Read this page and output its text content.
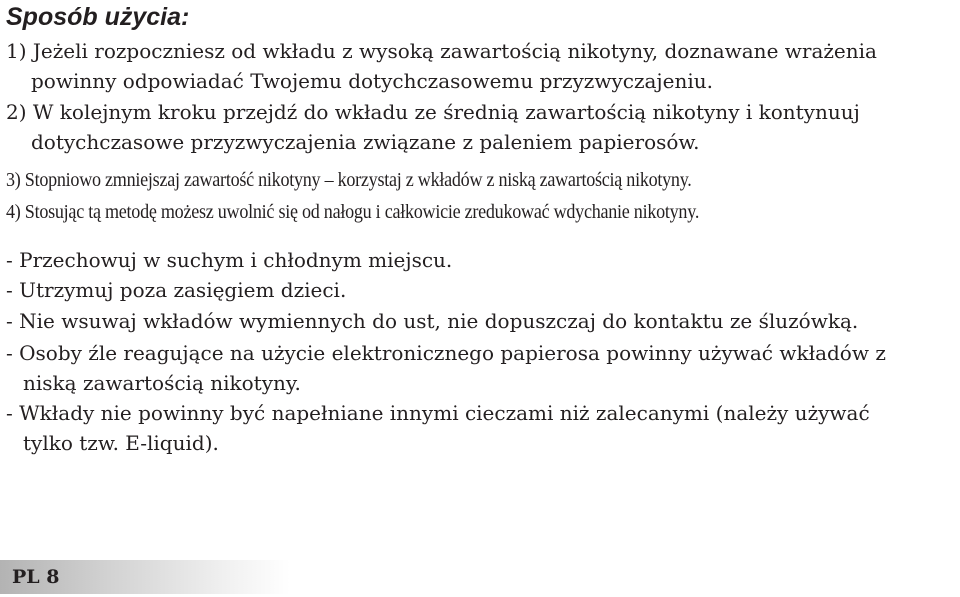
Sposób użycia:

1) Jeżeli rozpoczniesz od wkładu z wysoką zawartością nikotyny, doznawane wrażenia
powinny odpowiadać Twojemu dotychczasowemu przyzwyczajeniu.

2) W kolejnym kroku przejdź do wkładu ze średnią zawartością nikotyny i kontynuuj
dotychczasowe przyzwyczajenia związane z paleniem papierosów.

3) Stopniowo zmniejszaj zawartość nikotyny – korzystaj z wkładów z niską zawartością nikotyny.

4) Stosując tą metodę możesz uwolnić się od nałogu i całkowicie zredukować wdychanie nikotyny.

- Przechowuj w suchym i chłodnym miejscu.

- Utrzymuj poza zasięgiem dzieci.

- Nie wsuwaj wkładów wymiennych do ust, nie dopuszczaj do kontaktu ze śluzówką.

- Osoby źle reagujące na użycie elektronicznego papierosa powinny używać wkładów z
niską zawartością nikotyny.

- Wkłady nie powinny być napełniane innymi cieczami niż zalecanymi (należy używać
tylko tzw. E-liquid).

PL 8
